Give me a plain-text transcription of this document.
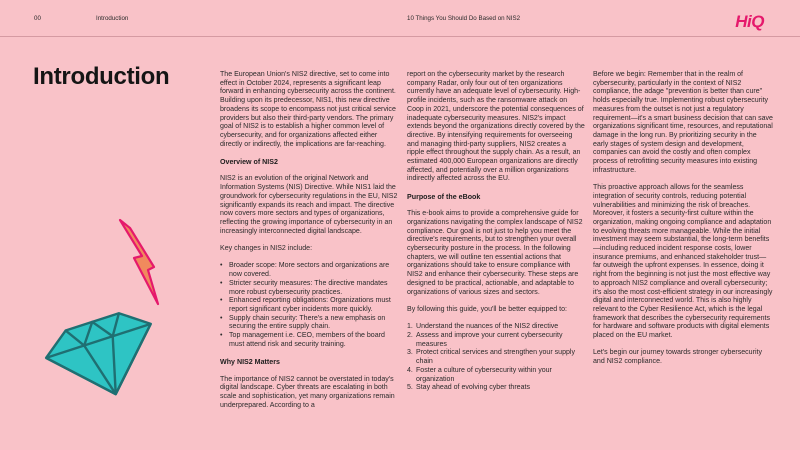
00	Introduction	10 Things You Should Do Based on NIS2	HiQ
Introduction	The European Union's NIS2 directive, set to come into effect in October 2024, represents a significant leap forward in enhancing cybersecurity across the continent. Building upon its predecessor, NIS1, this new directive broadens its scope to encompass not just critical service providers but also their third-party vendors. The primary goal of NIS2 is to establish a higher common level of cybersecurity, and for organizations affected either directly or indirectly, the implications are far-reaching.

Overview of NIS2

NIS2 is an evolution of the original Network and Information Systems (NIS) Directive. While NIS1 laid the groundwork for cybersecurity regulations in the EU, NIS2 significantly expands its reach and impact. The directive now covers more sectors and types of organizations, reflecting the growing importance of cybersecurity in an increasingly interconnected digital landscape.

Key changes in NIS2 include:

• Broader scope: More sectors and organizations are now covered.
• Stricter security measures: The directive mandates more robust cybersecurity practices.
• Enhanced reporting obligations: Organizations must report significant cyber incidents more quickly.
• Supply chain security: There's a new emphasis on securing the entire supply chain.
• Top management i.e. CEO, members of the board must attend risk and security training.
Why NIS2 Matters

The importance of NIS2 cannot be overstated in today's digital landscape. Cyber threats are escalating in both scale and sophistication, yet many organizations remain underprepared. According to a

report on the cybersecurity market by the research company Radar, only four out of ten organizations currently have an adequate level of cybersecurity. High-profile incidents, such as the ransomware attack on Coop in 2021, underscore the potential consequences of inadequate cybersecurity measures. NIS2's impact extends beyond the organizations directly covered by the directive. By intensifying requirements for overseeing and managing third-party suppliers, NIS2 creates a ripple effect throughout the supply chain. As a result, an estimated 400,000 European organizations are directly affected, and potentially over a million organizations indirectly affected across the EU.

Purpose of the eBook

This e-book aims to provide a comprehensive guide for organizations navigating the complex landscape of NIS2 compliance. Our goal is not just to help you meet the directive's requirements, but to strengthen your overall cybersecurity posture in the process. In the following chapters, we will outline ten essential actions that organizations should take to ensure compliance with NIS2 and enhance their cybersecurity. These steps are designed to be practical, actionable, and adaptable to organizations of various sizes and sectors.

By following this guide, you'll be better equipped to:

1. Understand the nuances of the NIS2 directive
2. Assess and improve your current cybersecurity measures
3. Protect critical services and strengthen your supply chain
4. Foster a culture of cybersecurity within your organization
5. Stay ahead of evolving cyber threats

Before we begin: Remember that in the realm of cybersecurity, particularly in the context of NIS2 compliance, the adage "prevention is better than cure" holds especially true. Implementing robust cybersecurity measures from the outset is not just a regulatory requirement—it's a smart business decision that can save organizations significant time, resources, and reputational damage in the long run. By prioritizing security in the early stages of system design and development, companies can avoid the costly and often complex process of retrofitting security measures into existing infrastructure.

This proactive approach allows for the seamless integration of security controls, reducing potential vulnerabilities and minimizing the risk of breaches. Moreover, it fosters a security-first culture within the organization, making ongoing compliance and adaptation to evolving threats more manageable. While the initial investment may seem substantial, the long-term benefits—including reduced incident response costs, lower insurance premiums, and enhanced stakeholder trust—far outweigh the upfront expenses. In essence, doing it right from the beginning is not just the most effective way to approach NIS2 compliance and overall cybersecurity; it's also the most cost-efficient strategy in our increasingly digital and interconnected world. This is also highly relevant to the Cyber Resilience Act, which is the legal framework that describes the cybersecurity requirements for hardware and software products with digital elements placed on the EU market.

Let's begin our journey towards stronger cybersecurity and NIS2 compliance.
